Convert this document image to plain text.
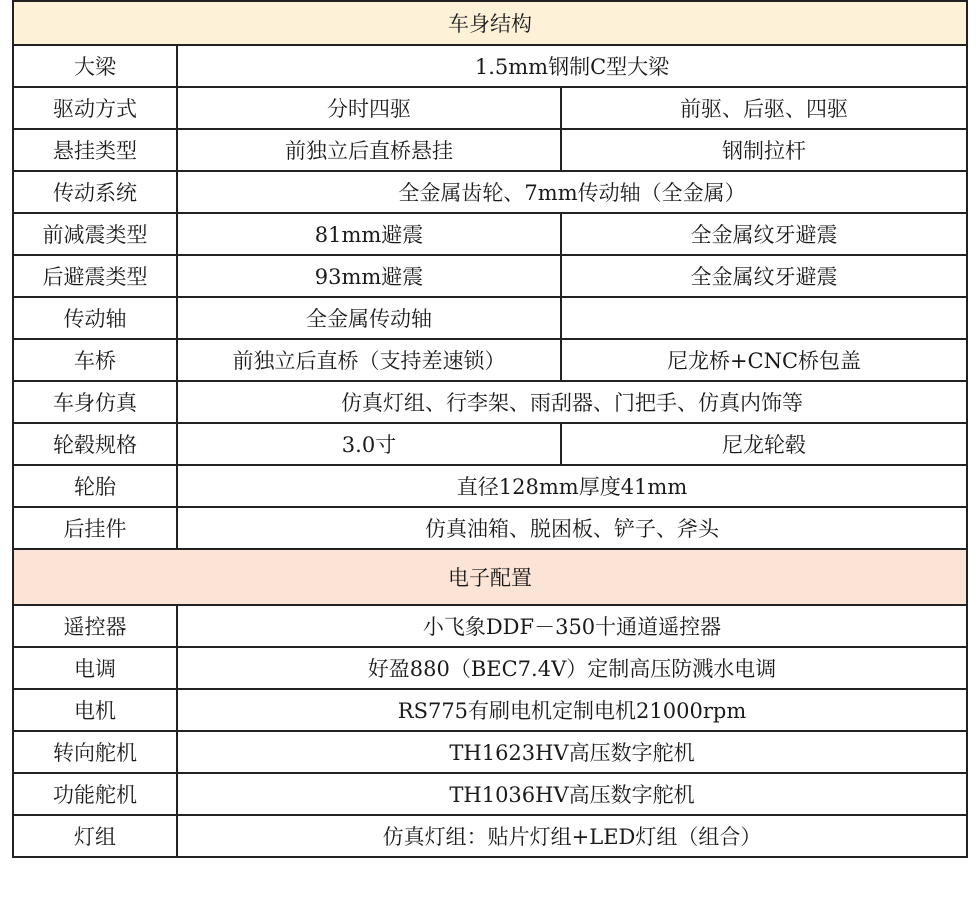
车身结构		
大梁	1.5mm钢制C型大梁	
驱动方式	分时四驱	前驱、后驱、四驱
悬挂类型	前独立后直桥悬挂	钢制拉杆
传动系统	全金属齿轮、7mm传动轴（全金属）	
前减震类型	81mm避震	全金属纹牙避震
后避震类型	93mm避震	全金属纹牙避震
传动轴	全金属传动轴	
车桥	前独立后直桥（支持差速锁）	尼龙桥+CNC桥包盖
车身仿真	仿真灯组、行李架、雨刮器、门把手、仿真内饰等	
轮毂规格	3.0寸	尼龙轮毂
轮胎	直径128mm厚度41mm	
后挂件	仿真油箱、脱困板、铲子、斧头	
电子配置		
遥控器	小飞象DDF－350十通道遥控器	
电调	好盈880（BEC7.4V）定制高压防溅水电调	
电机	RS775有刷电机定制电机21000rpm	
转向舵机	TH1623HV高压数字舵机	
功能舵机	TH1036HV高压数字舵机	
灯组	仿真灯组：贴片灯组+LED灯组（组合）	
